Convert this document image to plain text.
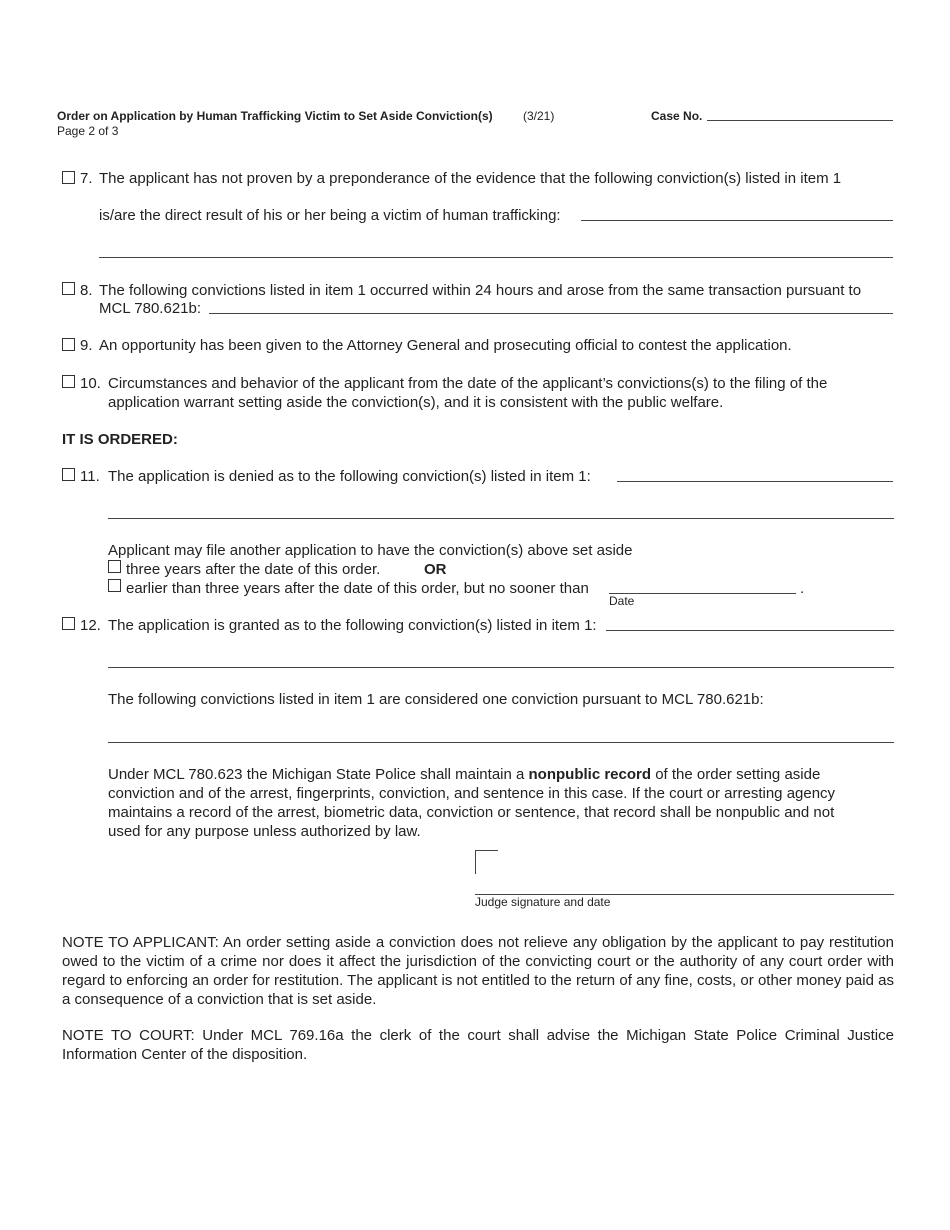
Order on Application by Human Trafficking Victim to Set Aside Conviction(s)	(3/21)	Case No.
Page 2 of 3
7. The applicant has not proven by a preponderance of the evidence that the following conviction(s) listed in item 1
is/are the direct result of his or her being a victim of human trafficking:
8. The following convictions listed in item 1 occurred within 24 hours and arose from the same transaction pursuant to
MCL 780.621b:
9. An opportunity has been given to the Attorney General and prosecuting official to contest the application.
10. Circumstances and behavior of the applicant from the date of the applicant’s convictions(s) to the filing of the
application warrant setting aside the conviction(s), and it is consistent with the public welfare.
IT IS ORDERED:
11. The application is denied as to the following conviction(s) listed in item 1:
Applicant may file another application to have the conviction(s) above set aside
three years after the date of this order.	OR
earlier than three years after the date of this order, but no sooner than	.
Date
12. The application is granted as to the following conviction(s) listed in item 1:
The following convictions listed in item 1 are considered one conviction pursuant to MCL 780.621b:
Under MCL 780.623 the Michigan State Police shall maintain a nonpublic record of the order setting aside conviction and of the arrest, fingerprints, conviction, and sentence in this case. If the court or arresting agency maintains a record of the arrest, biometric data, conviction or sentence, that record shall be nonpublic and not used for any purpose unless authorized by law.
Judge signature and date
NOTE TO APPLICANT: An order setting aside a conviction does not relieve any obligation by the applicant to pay restitution owed to the victim of a crime nor does it affect the jurisdiction of the convicting court or the authority of any court order with regard to enforcing an order for restitution. The applicant is not entitled to the return of any fine, costs, or other money paid as a consequence of a conviction that is set aside.
NOTE TO COURT: Under MCL 769.16a the clerk of the court shall advise the Michigan State Police Criminal Justice Information Center of the disposition.
